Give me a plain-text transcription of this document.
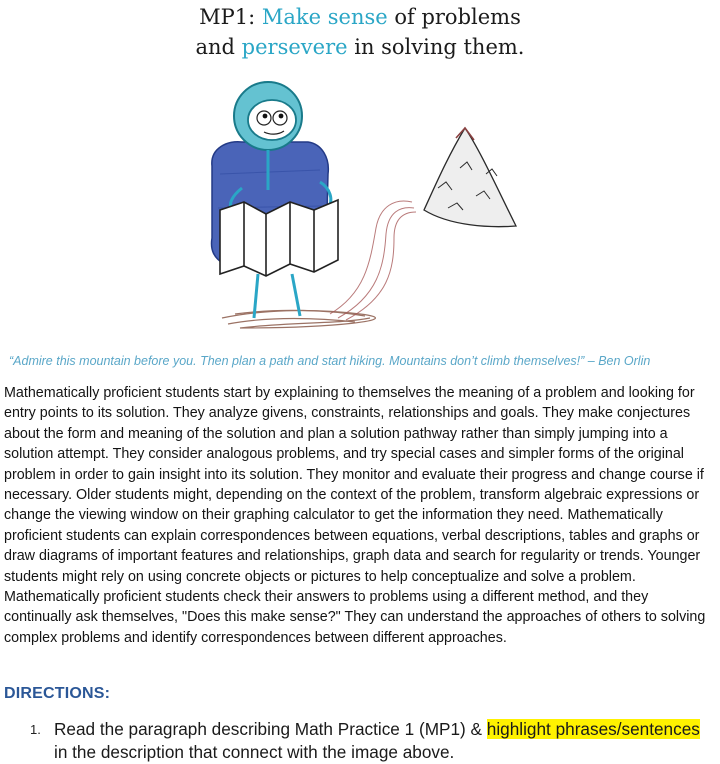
MP1: Make sense of problems
and persevere in solving them.
“Admire this mountain before you. Then plan a path and start hiking. Mountains don’t climb themselves!” – Ben Orlin
Mathematically proficient students start by explaining to themselves the meaning of a problem and looking for entry points to its solution. They analyze givens, constraints, relationships and goals. They make conjectures about the form and meaning of the solution and plan a solution pathway rather than simply jumping into a solution attempt. They consider analogous problems, and try special cases and simpler forms of the original problem in order to gain insight into its solution. They monitor and evaluate their progress and change course if necessary. Older students might, depending on the context of the problem, transform algebraic expressions or change the viewing window on their graphing calculator to get the information they need. Mathematically proficient students can explain correspondences between equations, verbal descriptions, tables and graphs or draw diagrams of important features and relationships, graph data and search for regularity or trends. Younger students might rely on using concrete objects or pictures to help conceptualize and solve a problem. Mathematically proficient students check their answers to problems using a different method, and they continually ask themselves, "Does this make sense?" They can understand the approaches of others to solving complex problems and identify correspondences between different approaches.
DIRECTIONS:
1. Read the paragraph describing Math Practice 1 (MP1) & highlight phrases/sentences in the description that connect with the image above.
